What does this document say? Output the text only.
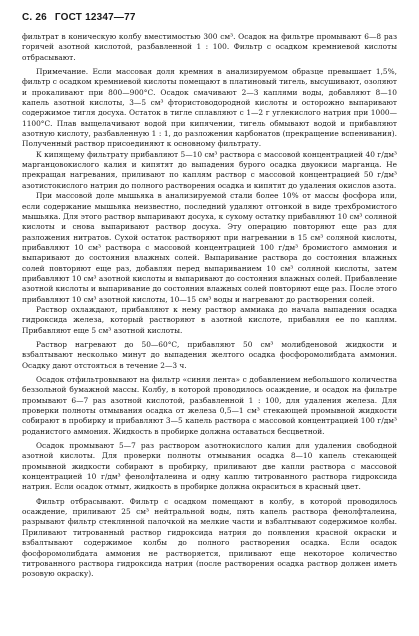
С. 26 ГОСТ 12347—77

фильтрат в коническую колбу вместимостью 300 см³. Осадок на фильтре промывают 6—8 раз горячей азотной кислотой, разбавленной 1 : 100. Фильтр с осадком кремниевой кислоты отбрасывают.

Примечание. Если массовая доля кремния в анализируемом образце превышает 1,5%, фильтр с осадком кремниевой кислоты помещают в платиновый тигель, высушивают, озоляют и прокаливают при 800—900°С. Осадок смачивают 2—3 каплями воды, добавляют 8—10 капель азотной кислоты, 3—5 см³ фтористоводородной кислоты и осторожно выпаривают содержимое тигля досуха. Остаток в тигле сплавляют с 1—2 г углекислого натрия при 1000—1100°С. Плав выщелачивают водой при кипячении, тигель обмывают водой и прибавляют азотную кислоту, разбавленную 1 : 1, до разложения карбонатов (прекращение вспенивания). Полученный раствор присоединяют к основному фильтрату.

К кипящему фильтрату прибавляют 5—10 см³ раствора с массовой концентрацией 40 г/дм³ марганцовокислого калия и кипятят до выпадения бурого осадка двуокиси марганца. Не прекращая нагревания, приливают по каплям раствор с массовой концентрацией 50 г/дм³ азотистокислого натрия до полного растворения осадка и кипятят до удаления окислов азота.

При массовой доле мышьяка в анализируемой стали более 10% от массы фосфора или, если содержание мышьяка неизвестно, последний удаляют отгонкой в виде трехбромистого мышьяка. Для этого раствор выпаривают досуха, к сухому остатку прибавляют 10 см³ соляной кислоты и снова выпаривают раствор досуха. Эту операцию повторяют еще раз для разложения нитратов. Сухой остаток растворяют при нагревании в 15 см³ соляной кислоты, прибавляют 10 см³ раствора с массовой концентрацией 100 г/дм³ бромистого аммония и выпаривают до состояния влажных солей. Выпаривание раствора до состояния влажных солей повторяют еще раз, добавляя перед выпариванием 10 см³ соляной кислоты, затем прибавляют 10 см³ азотной кислоты и выпаривают до состояния влажных солей. Прибавление азотной кислоты и выпаривание до состояния влажных солей повторяют еще раз. После этого прибавляют 10 см³ азотной кислоты, 10—15 см³ воды и нагревают до растворения солей.

Раствор охлаждают, прибавляют к нему раствор аммиака до начала выпадения осадка гидроксида железа, который растворяют в азотной кислоте, прибавляя ее по каплям. Прибавляют еще 5 см³ азотной кислоты.

Раствор нагревают до 50—60°С, прибавляют 50 см³ молибденовой жидкости и взбалтывают несколько минут до выпадения желтого осадка фосфоромолибдата аммония. Осадку дают отстояться в течение 2—3 ч.

Осадок отфильтровывают на фильтр «синяя лента» с добавлением небольшого количества беззольной бумажной массы. Колбу, в которой проводилось осаждение, и осадок на фильтре промывают 6—7 раз азотной кислотой, разбавленной 1 : 100, для удаления железа. Для проверки полноты отмывания осадка от железа 0,5—1 см³ стекающей промывной жидкости собирают в пробирку и прибавляют 3—5 капель раствора с массовой концентрацией 100 г/дм³ роданистого аммония. Жидкость в пробирке должна оставаться бесцветной.

Осадок промывают 5—7 раз раствором азотнокислого калия для удаления свободной азотной кислоты. Для проверки полноты отмывания осадка 8—10 капель стекающей промывной жидкости собирают в пробирку, приливают две капли раствора с массовой концентрацией 10 г/дм³ фенолфталеина и одну каплю титрованного раствора гидроксида натрия. Если осадок отмыт, жидкость в пробирке должна окраситься в красный цвет.

Фильтр отбрасывают. Фильтр с осадком помещают в колбу, в которой проводилось осаждение, приливают 25 см³ нейтральной воды, пять капель раствора фенолфталеина, разрывают фильтр стеклянной палочкой на мелкие части и взбалтывают содержимое колбы. Приливают титрованный раствор гидроксида натрия до появления красной окраски и взбалтывают содержимое колбы до полного растворения осадка. Если осадок фосфоромолибдата аммония не растворяется, приливают еще некоторое количество титрованного раствора гидроксида натрия (после растворения осадка раствор должен иметь розовую окраску).
